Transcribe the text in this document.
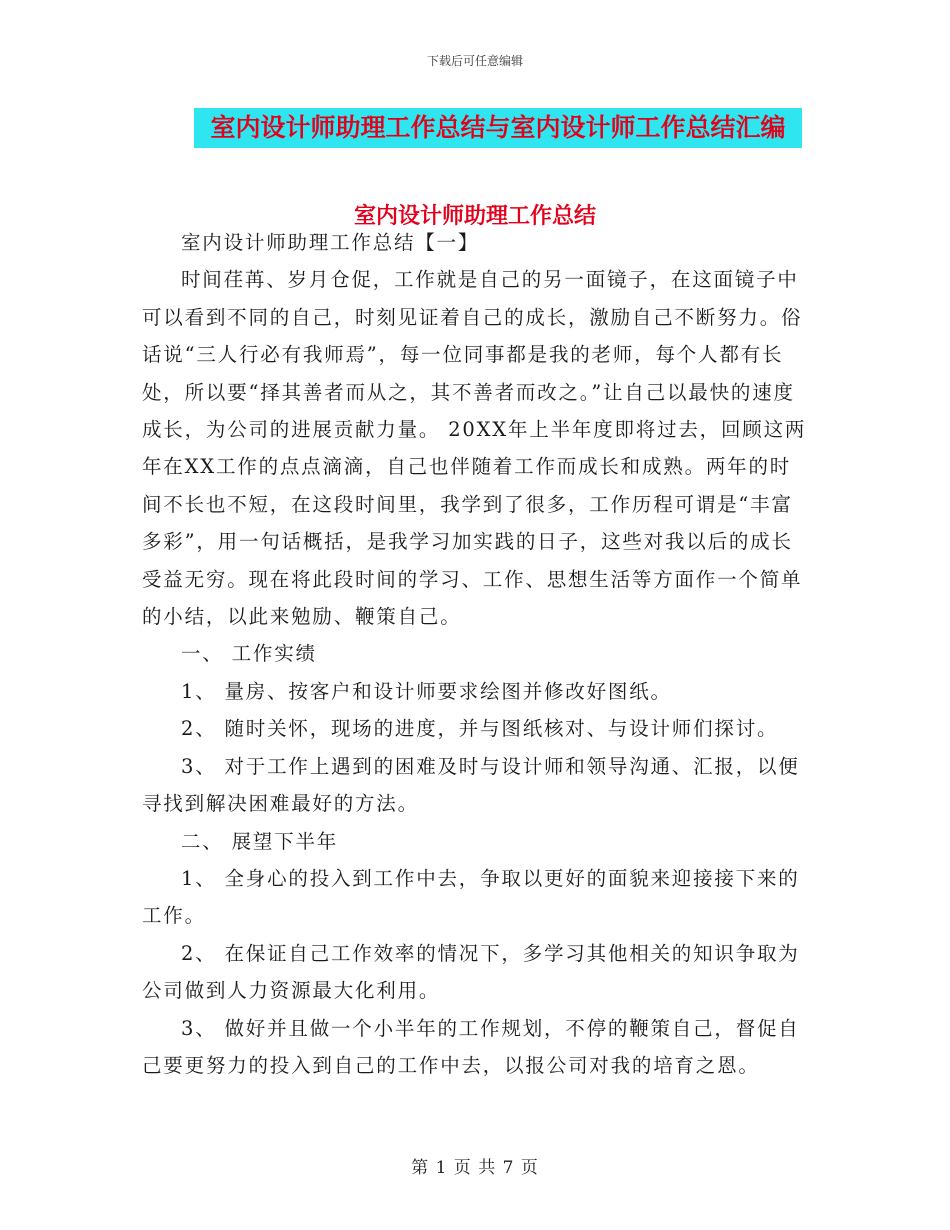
下载后可任意编辑
室内设计师助理工作总结与室内设计师工作总结汇编
室内设计师助理工作总结

室内设计师助理工作总结【一】

时间荏苒、岁月仓促，工作就是自己的另一面镜子，在这面镜子中可以看到不同的自己，时刻见证着自己的成长，激励自己不断努力。俗话说“三人行必有我师焉”，每一位同事都是我的老师，每个人都有长处，所以要“择其善者而从之，其不善者而改之。”让自己以最快的速度成长，为公司的进展贡献力量。 20XX年上半年度即将过去，回顾这两年在XX工作的点点滴滴，自己也伴随着工作而成长和成熟。两年的时间不长也不短，在这段时间里，我学到了很多，工作历程可谓是“丰富多彩”，用一句话概括，是我学习加实践的日子，这些对我以后的成长受益无穷。现在将此段时间的学习、工作、思想生活等方面作一个简单的小结，以此来勉励、鞭策自己。

一、 工作实绩

1、 量房、按客户和设计师要求绘图并修改好图纸。

2、 随时关怀，现场的进度，并与图纸核对、与设计师们探讨。

3、 对于工作上遇到的困难及时与设计师和领导沟通、汇报，以便寻找到解决困难最好的方法。

二、 展望下半年

1、 全身心的投入到工作中去，争取以更好的面貌来迎接接下来的工作。

2、 在保证自己工作效率的情况下，多学习其他相关的知识争取为公司做到人力资源最大化利用。

3、 做好并且做一个小半年的工作规划，不停的鞭策自己，督促自己要更努力的投入到自己的工作中去，以报公司对我的培育之恩。

第 1 页 共 7 页
